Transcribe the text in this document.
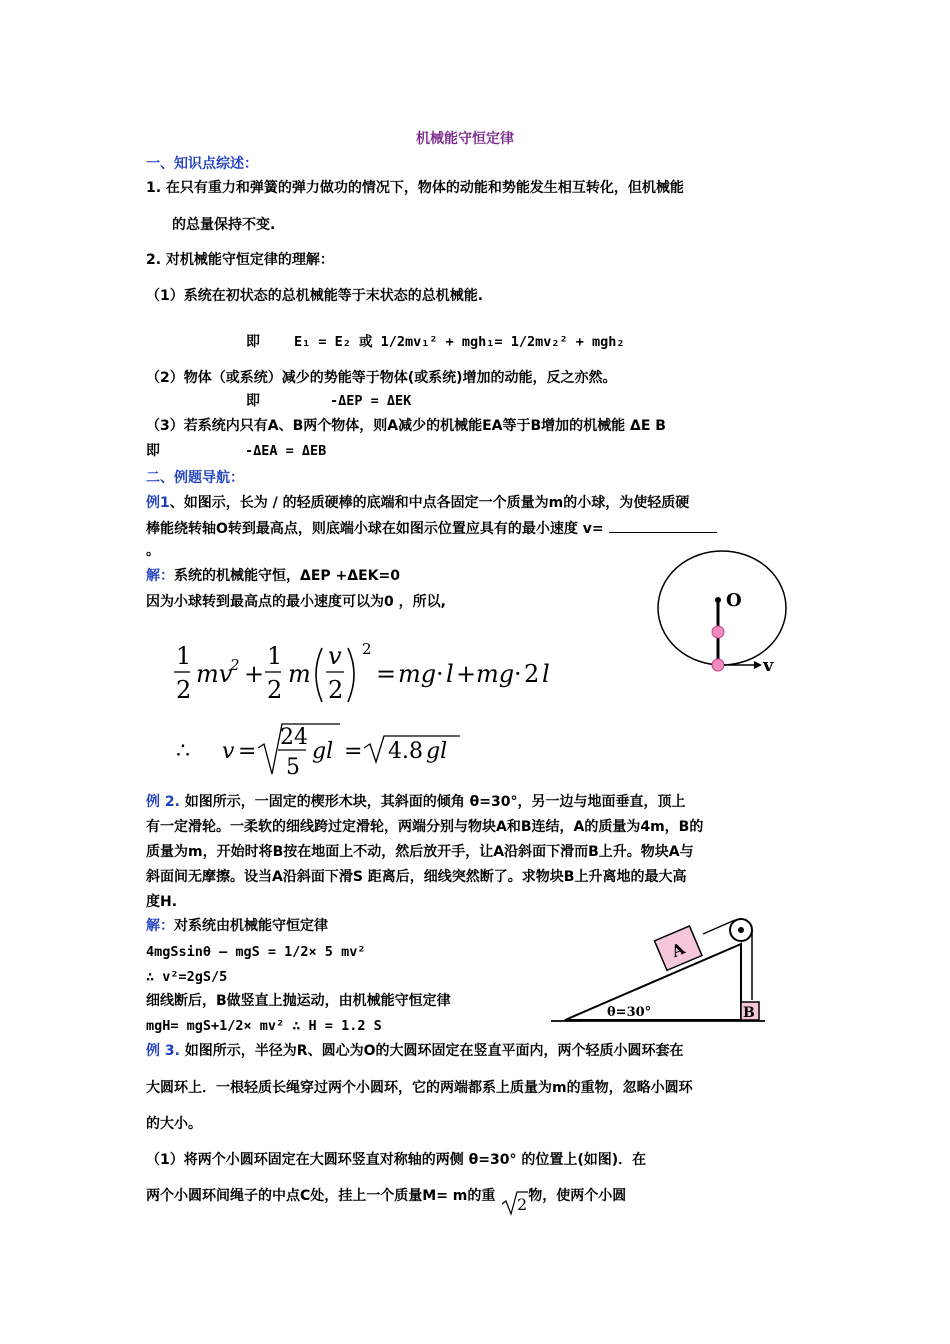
机械能守恒定律
一、知识点综述：
1. 在只有重力和弹簧的弹力做功的情况下，物体的动能和势能发生相互转化，但机械能
的总量保持不变.
2. 对机械能守恒定律的理解：
（1）系统在初状态的总机械能等于末状态的总机械能.
即	E₁ = E₂ 或 1/2mv₁² + mgh₁= 1/2mv₂² + mgh₂
（2）物体（或系统）减少的势能等于物体(或系统)增加的动能，反之亦然。
即	-ΔEP = ΔEK
（3）若系统内只有A、B两个物体，则A减少的机械能EA等于B增加的机械能 ΔE B
即	-ΔEA = ΔEB
二、例题导航：
例1、如图示，长为 / 的轻质硬棒的底端和中点各固定一个质量为m的小球，为使轻质硬
棒能绕转轴O转到最高点，则底端小球在如图示位置应具有的最小速度 v=
。
解：系统的机械能守恒，ΔEP +ΔEK=0
因为小球转到最高点的最小速度可以为0 ，所以,
1
2
mv
2 +
1
2
m
v
2
2
= mg · l + mg · 2 l
∴ v =
24
5
gl = 4.8 gl
O
v
例 2. 如图所示，一固定的楔形木块，其斜面的倾角 θ=30°，另一边与地面垂直，顶上
有一定滑轮。一柔软的细线跨过定滑轮，两端分别与物块A和B连结，A的质量为4m，B的
质量为m，开始时将B按在地面上不动，然后放开手，让A沿斜面下滑而B上升。物块A与
斜面间无摩擦。设当A沿斜面下滑S 距离后，细线突然断了。求物块B上升离地的最大高
度H.
解：对系统由机械能守恒定律
4mgSsinθ – mgS = 1/2× 5 mv²
∴ v²=2gS/5
细线断后，B做竖直上抛运动，由机械能守恒定律
mgH= mgS+1/2× mv² ∴ H = 1.2 S
A
B
θ=30°
例 3. 如图所示，半径为R、圆心为O的大圆环固定在竖直平面内，两个轻质小圆环套在
大圆环上．一根轻质长绳穿过两个小圆环，它的两端都系上质量为m的重物，忽略小圆环
的大小。
（1）将两个小圆环固定在大圆环竖直对称轴的两侧 θ=30° 的位置上(如图)．在
两个小圆环间绳子的中点C处，挂上一个质量M= m的重 2 物，使两个小圆
